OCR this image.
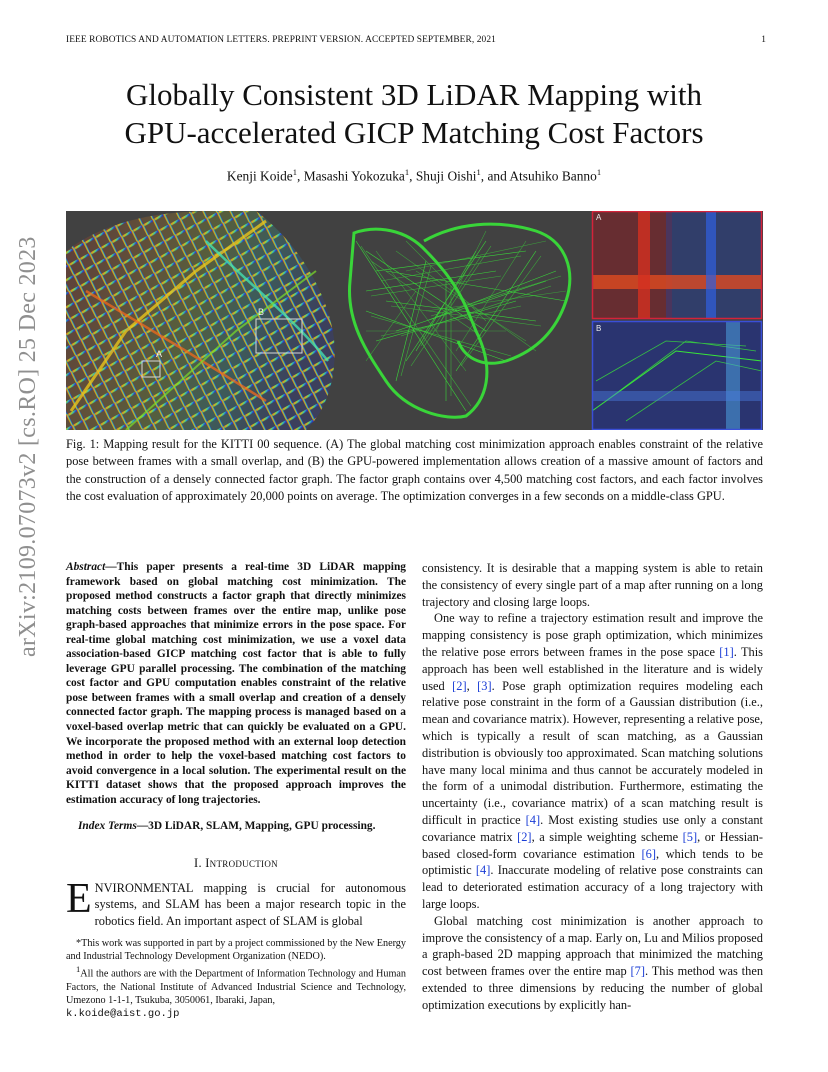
IEEE ROBOTICS AND AUTOMATION LETTERS. PREPRINT VERSION. ACCEPTED SEPTEMBER, 2021	1
arXiv:2109.07073v2 [cs.RO] 25 Dec 2023
Globally Consistent 3D LiDAR Mapping with
GPU-accelerated GICP Matching Cost Factors
Kenji Koide$^1$, Masashi Yokozuka$^1$, Shuji Oishi$^1$, and Atsuhiko Banno$^1$
A
B
A
B
Fig. 1: Mapping result for the KITTI 00 sequence. (A) The global matching cost minimization approach enables constraint of the relative pose between frames with a small overlap, and (B) the GPU-powered implementation allows creation of a massive amount of factors and the construction of a densely connected factor graph. The factor graph contains over 4,500 matching cost factors, and each factor involves the cost evaluation of approximately 20,000 points on average. The optimization converges in a few seconds on a middle-class GPU.
Abstract—This paper presents a real-time 3D LiDAR mapping framework based on global matching cost minimization. The proposed method constructs a factor graph that directly minimizes matching costs between frames over the entire map, unlike pose graph-based approaches that minimize errors in the pose space. For real-time global matching cost minimization, we use a voxel data association-based GICP matching cost factor that is able to fully leverage GPU parallel processing. The combination of the matching cost factor and GPU computation enables constraint of the relative pose between frames with a small overlap and creation of a densely connected factor graph. The mapping process is managed based on a voxel-based overlap metric that can quickly be evaluated on a GPU. We incorporate the proposed method with an external loop detection method in order to help the voxel-based matching cost factors to avoid convergence in a local solution. The experimental result on the KITTI dataset shows that the proposed approach improves the estimation accuracy of long trajectories.
Index Terms—3D LiDAR, SLAM, Mapping, GPU processing.
I. Introduction
ENVIRONMENTAL mapping is crucial for autonomous systems, and SLAM has been a major research topic in the robotics field. An important aspect of SLAM is global

*This work was supported in part by a project commissioned by the New Energy and Industrial Technology Development Organization (NEDO).

$^1$All the authors are with the Department of Information Technology and Human Factors, the National Institute of Advanced Industrial Science and Technology, Umezono 1-1-1, Tsukuba, 3050061, Ibaraki, Japan,
k.koide@aist.go.jp

consistency. It is desirable that a mapping system is able to retain the consistency of every single part of a map after running on a long trajectory and closing large loops.

One way to refine a trajectory estimation result and improve the mapping consistency is pose graph optimization, which minimizes the relative pose errors between frames in the pose space [1]. This approach has been well established in the literature and is widely used [2], [3]. Pose graph optimization requires modeling each relative pose constraint in the form of a Gaussian distribution (i.e., mean and covariance matrix). However, representing a relative pose, which is typically a result of scan matching, as a Gaussian distribution is obviously too approximated. Scan matching solutions have many local minima and thus cannot be accurately modeled in the form of a unimodal distribution. Furthermore, estimating the uncertainty (i.e., covariance matrix) of a scan matching result is difficult in practice [4]. Most existing studies use only a constant covariance matrix [2], a simple weighting scheme [5], or Hessian-based closed-form covariance estimation [6], which tends to be optimistic [4]. Inaccurate modeling of relative pose constraints can lead to deteriorated estimation accuracy of a long trajectory with large loops.

Global matching cost minimization is another approach to improve the consistency of a map. Early on, Lu and Milios proposed a graph-based 2D mapping approach that minimized the matching cost between frames over the entire map [7]. This method was then extended to three dimensions by reducing the number of global optimization executions by explicitly han-
